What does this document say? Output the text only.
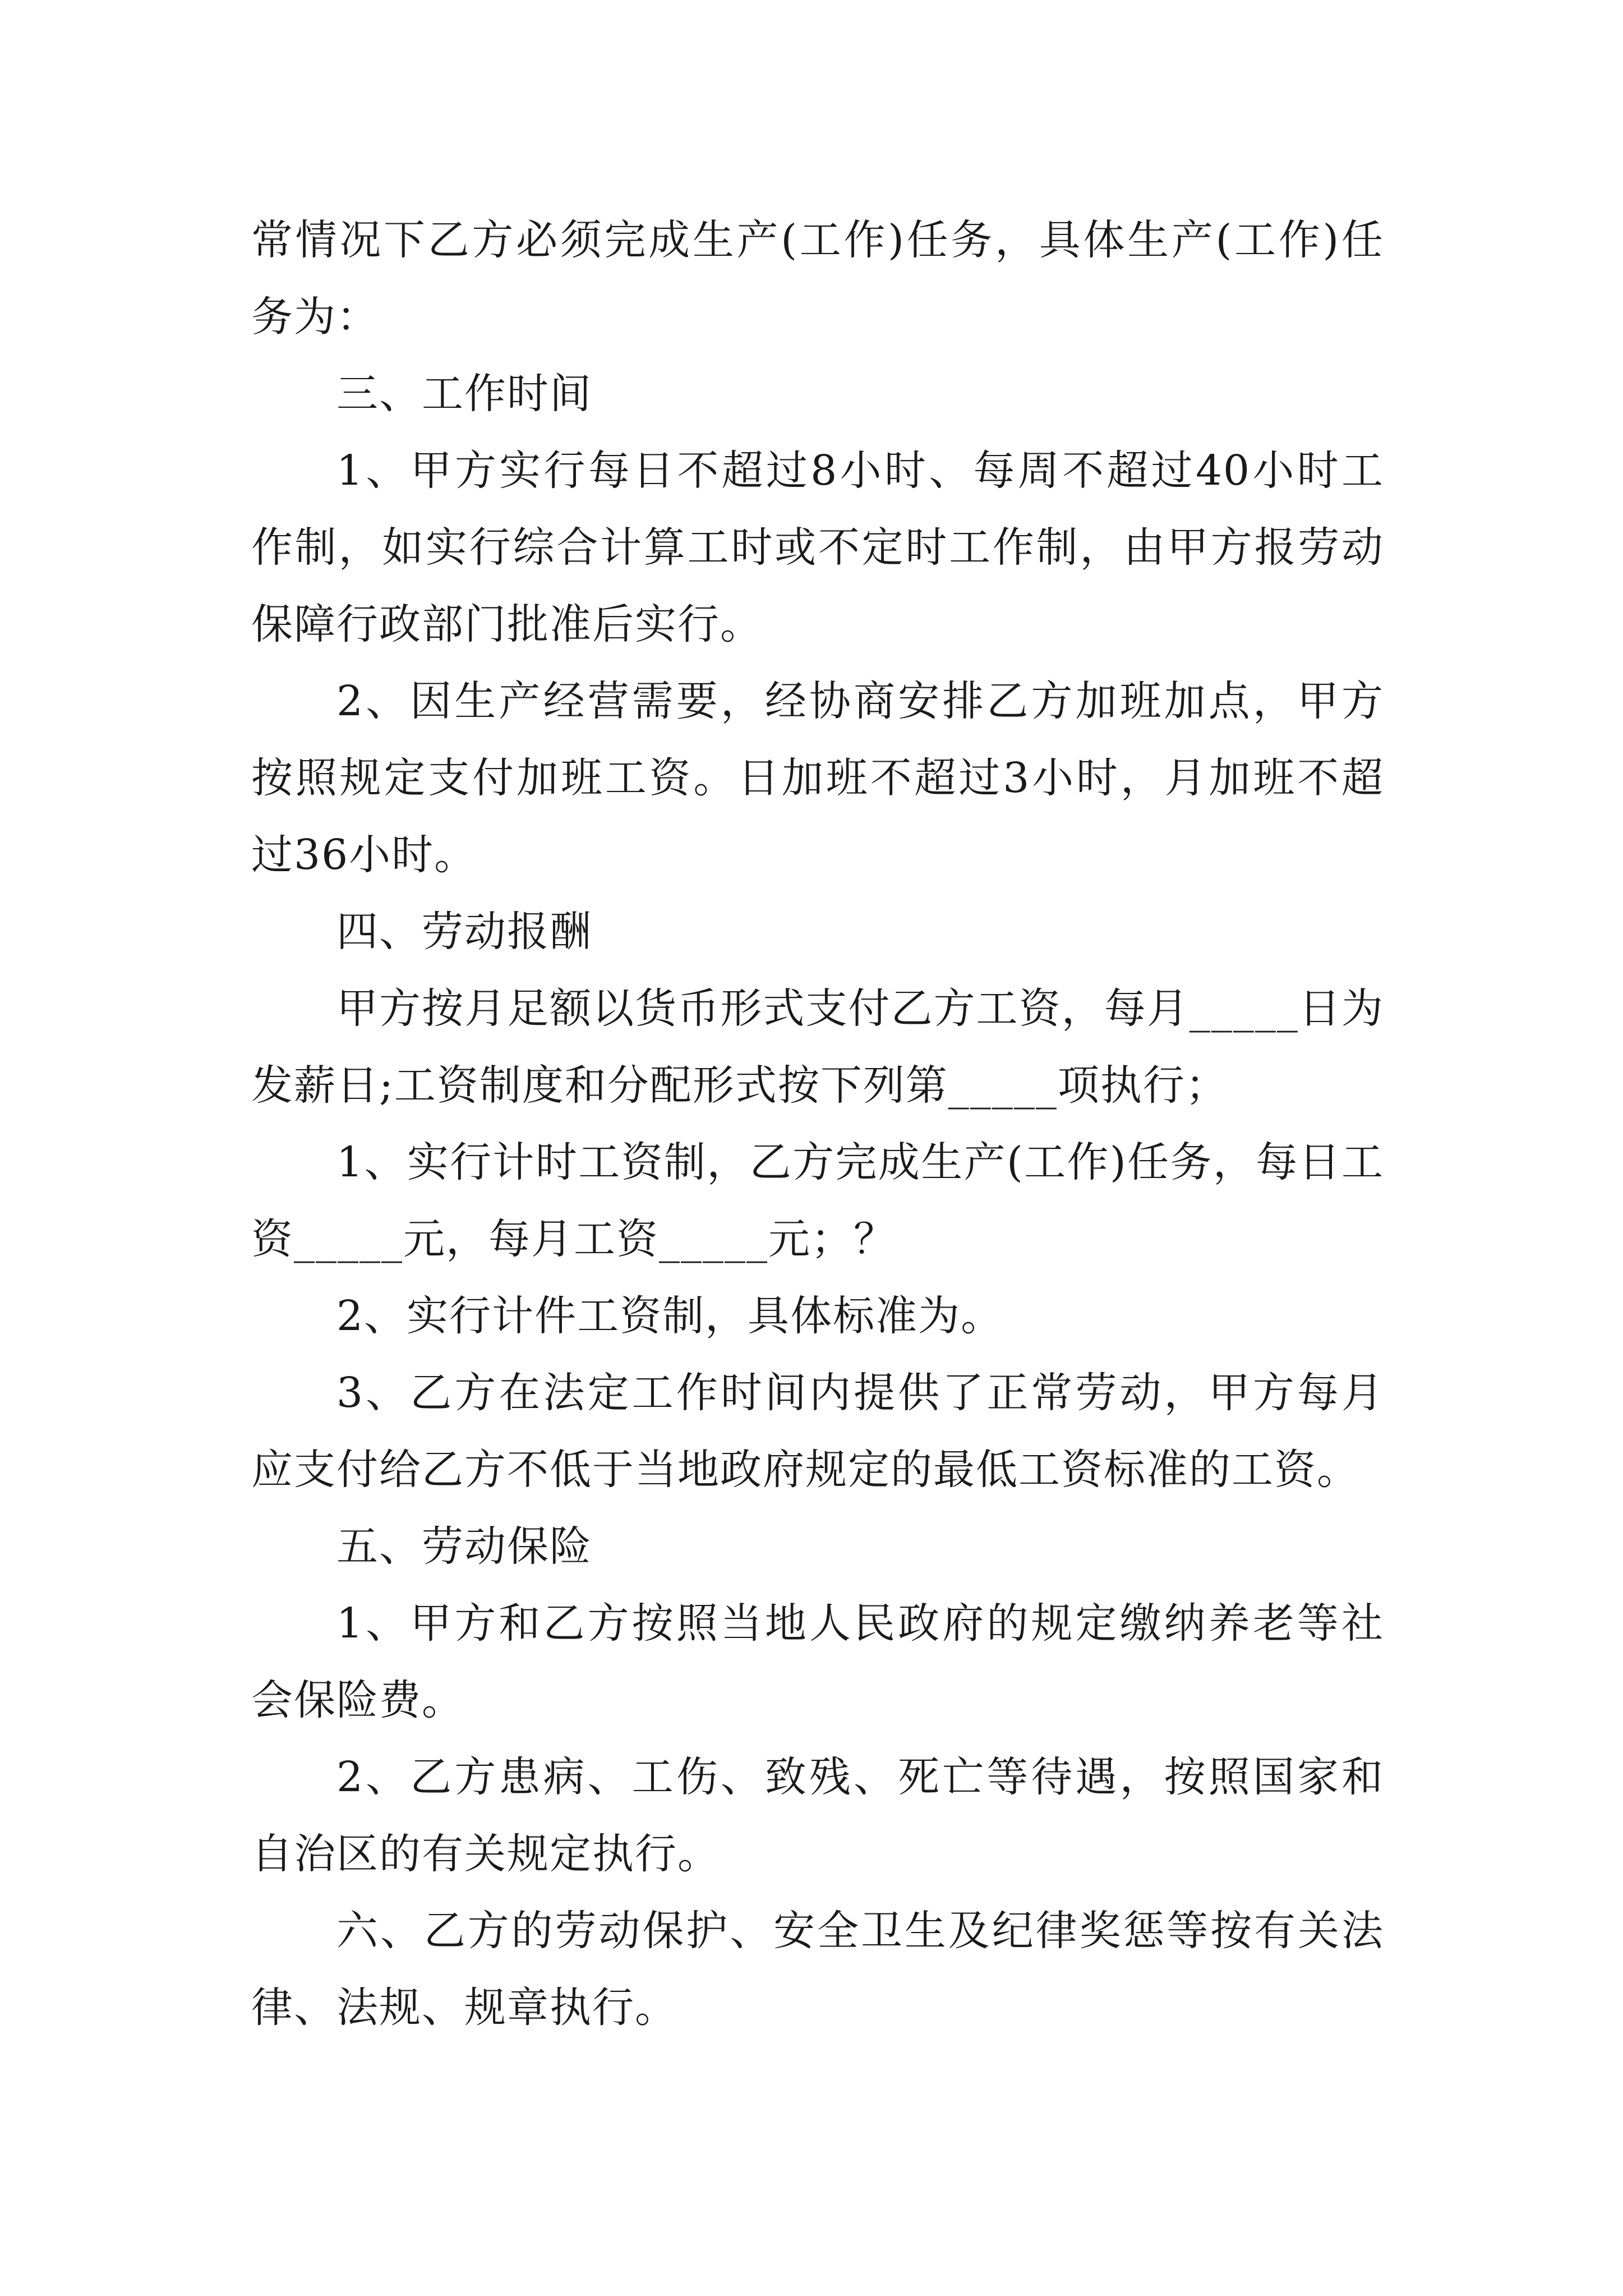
常情况下乙方必须完成生产(工作)任务，具体生产(工作)任务为：

三、工作时间

1、甲方实行每日不超过8小时、每周不超过40小时工作制，如实行综合计算工时或不定时工作制，由甲方报劳动保障行政部门批准后实行。

2、因生产经营需要，经协商安排乙方加班加点，甲方按照规定支付加班工资。日加班不超过3小时，月加班不超过36小时。

四、劳动报酬

甲方按月足额以货币形式支付乙方工资，每月_____日为发薪日;工资制度和分配形式按下列第_____项执行；

1、实行计时工资制，乙方完成生产(工作)任务，每日工资_____元，每月工资_____元；？

2、实行计件工资制，具体标准为。

3、乙方在法定工作时间内提供了正常劳动，甲方每月应支付给乙方不低于当地政府规定的最低工资标准的工资。

五、劳动保险

1、甲方和乙方按照当地人民政府的规定缴纳养老等社会保险费。

2、乙方患病、工伤、致残、死亡等待遇，按照国家和自治区的有关规定执行。

六、乙方的劳动保护、安全卫生及纪律奖惩等按有关法律、法规、规章执行。
